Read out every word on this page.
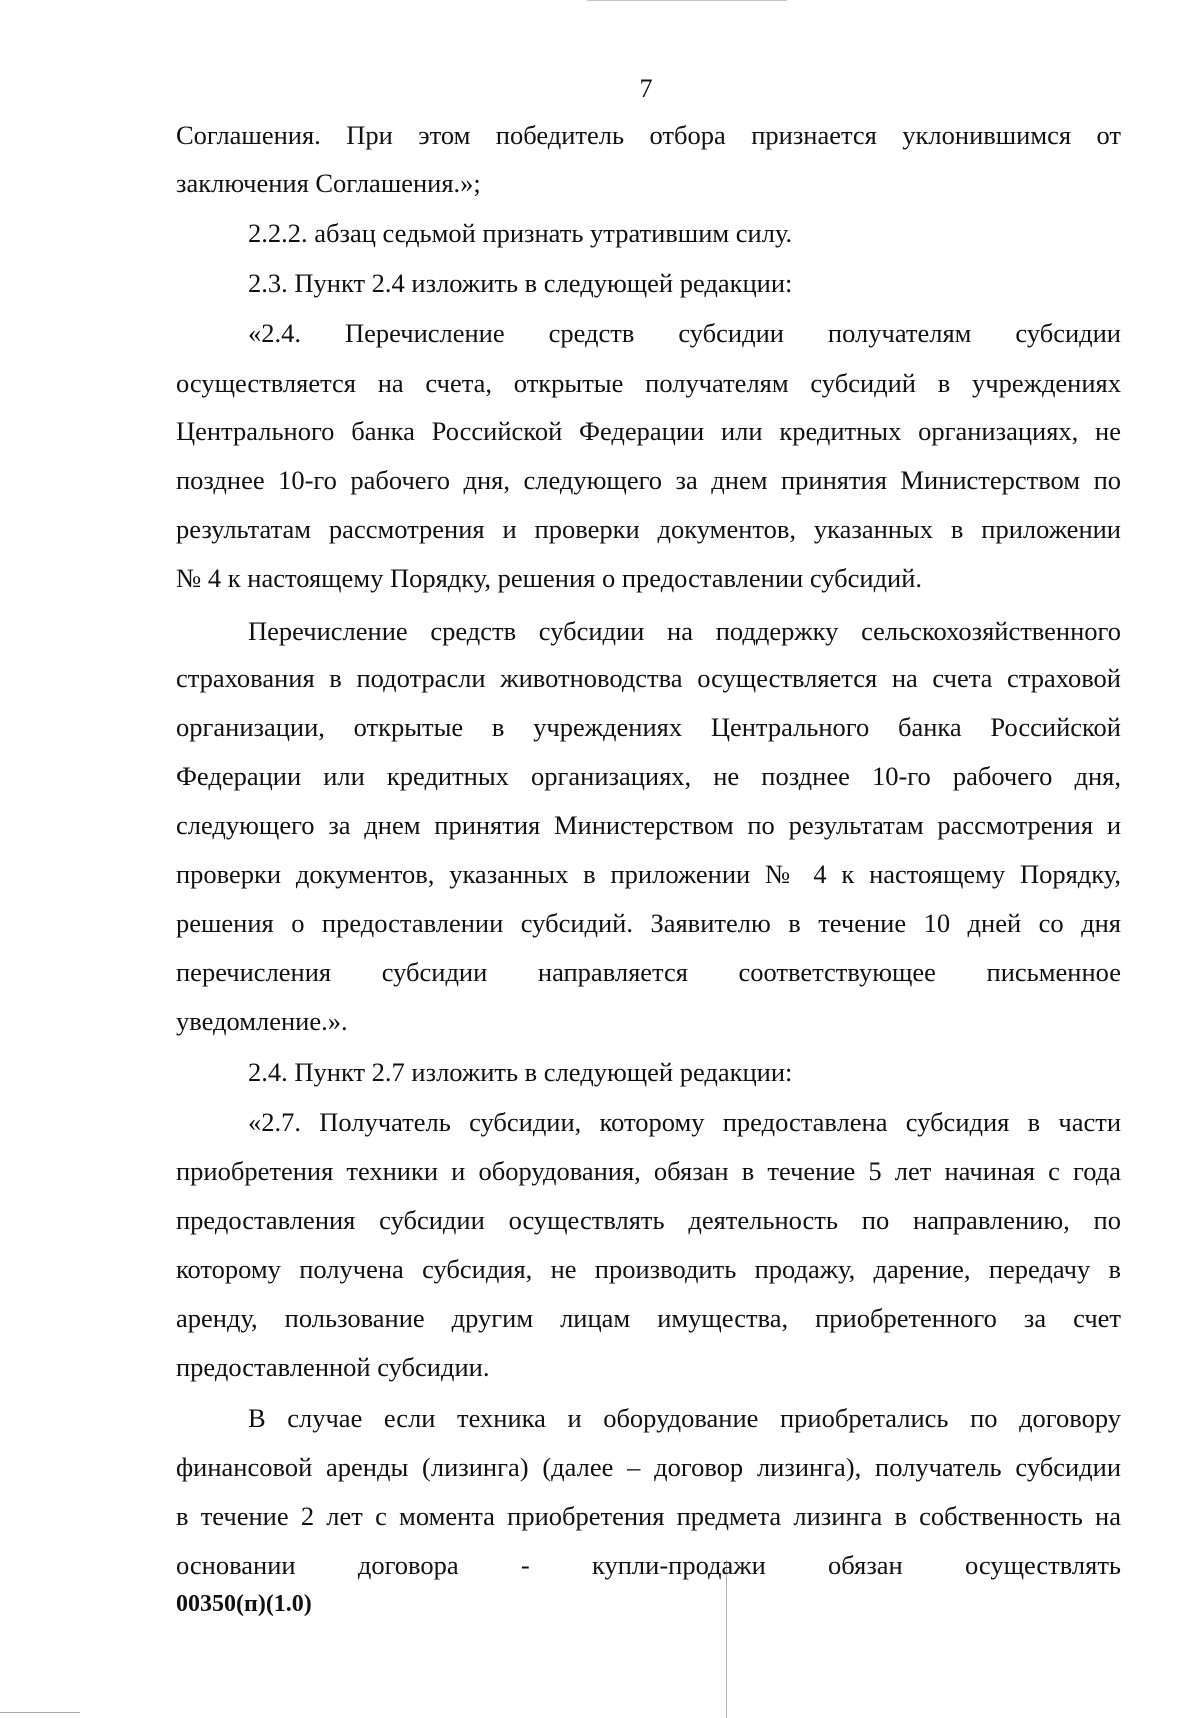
7
Соглашения. При этом победитель отбора признается уклонившимся от
заключения Соглашения.»;
2.2.2. абзац седьмой признать утратившим силу.
2.3. Пункт 2.4 изложить в следующей редакции:
«2.4. Перечисление средств субсидии получателям субсидии
осуществляется на счета, открытые получателям субсидий в учреждениях
Центрального банка Российской Федерации или кредитных организациях, не
позднее 10-го рабочего дня, следующего за днем принятия Министерством по
результатам рассмотрения и проверки документов, указанных в приложении
№ 4 к настоящему Порядку, решения о предоставлении субсидий.
Перечисление средств субсидии на поддержку сельскохозяйственного
страхования в подотрасли животноводства осуществляется на счета страховой
организации, открытые в учреждениях Центрального банка Российской
Федерации или кредитных организациях, не позднее 10-го рабочего дня,
следующего за днем принятия Министерством по результатам рассмотрения и
проверки документов, указанных в приложении № 4 к настоящему Порядку,
решения о предоставлении субсидий. Заявителю в течение 10 дней со дня
перечисления субсидии направляется соответствующее письменное
уведомление.».
2.4. Пункт 2.7 изложить в следующей редакции:
«2.7. Получатель субсидии, которому предоставлена субсидия в части
приобретения техники и оборудования, обязан в течение 5 лет начиная с года
предоставления субсидии осуществлять деятельность по направлению, по
которому получена субсидия, не производить продажу, дарение, передачу в
аренду, пользование другим лицам имущества, приобретенного за счет
предоставленной субсидии.
В случае если техника и оборудование приобретались по договору
финансовой аренды (лизинга) (далее – договор лизинга), получатель субсидии
в течение 2 лет с момента приобретения предмета лизинга в собственность на
основании договора - купли-продажи обязан осуществлять
00350(п)(1.0)
